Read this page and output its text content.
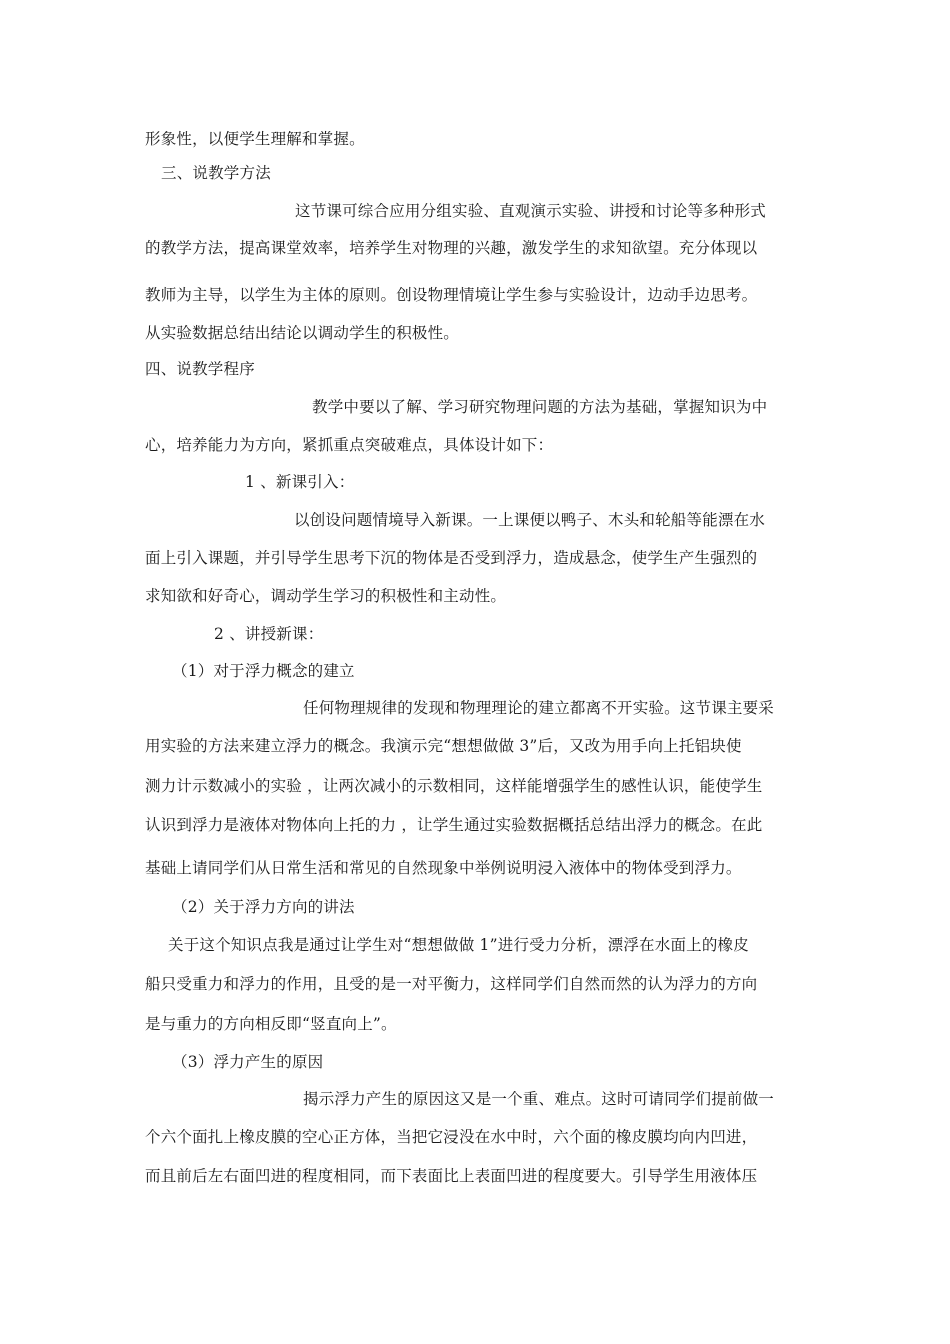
形象性，以便学生理解和掌握。
三、说教学方法
这节课可综合应用分组实验、直观演示实验、讲授和讨论等多种形式
的教学方法，提高课堂效率，培养学生对物理的兴趣，激发学生的求知欲望。充分体现以
教师为主导，以学生为主体的原则。创设物理情境让学生参与实验设计，边动手边思考。
从实验数据总结出结论以调动学生的积极性。
四、说教学程序
教学中要以了解、学习研究物理问题的方法为基础，掌握知识为中
心，培养能力为方向，紧抓重点突破难点，具体设计如下：
1 、新课引入：
以创设问题情境导入新课。一上课便以鸭子、木头和轮船等能漂在水
面上引入课题，并引导学生思考下沉的物体是否受到浮力，造成悬念，使学生产生强烈的
求知欲和好奇心，调动学生学习的积极性和主动性。
2 、讲授新课：
（1）对于浮力概念的建立
任何物理规律的发现和物理理论的建立都离不开实验。这节课主要采
用实验的方法来建立浮力的概念。我演示完“想想做做 3”后，又改为用手向上托铝块使
测力计示数减小的实验 ，让两次减小的示数相同，这样能增强学生的感性认识，能使学生
认识到浮力是液体对物体向上托的力 ，让学生通过实验数据概括总结出浮力的概念。在此
基础上请同学们从日常生活和常见的自然现象中举例说明浸入液体中的物体受到浮力。
（2）关于浮力方向的讲法
关于这个知识点我是通过让学生对“想想做做 1”进行受力分析，漂浮在水面上的橡皮
船只受重力和浮力的作用，且受的是一对平衡力，这样同学们自然而然的认为浮力的方向
是与重力的方向相反即“竖直向上”。
（3）浮力产生的原因
揭示浮力产生的原因这又是一个重、难点。这时可请同学们提前做一
个六个面扎上橡皮膜的空心正方体，当把它浸没在水中时，六个面的橡皮膜均向内凹进，
而且前后左右面凹进的程度相同，而下表面比上表面凹进的程度要大。引导学生用液体压
